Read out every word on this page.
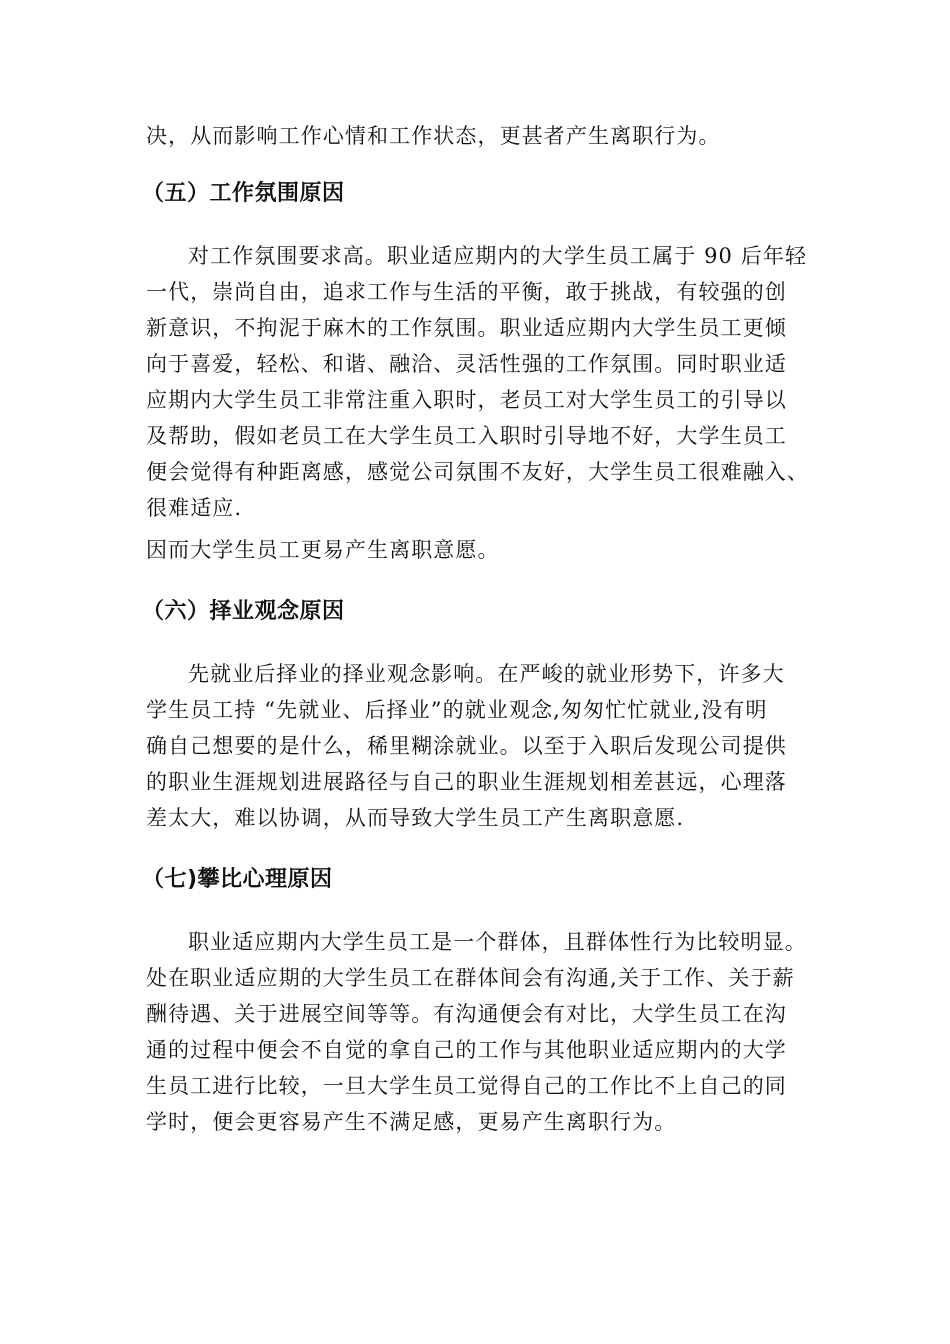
决，从而影响工作心情和工作状态，更甚者产生离职行为。
（五）工作氛围原因
对工作氛围要求高。职业适应期内的大学生员工属于 90 后年轻
一代，崇尚自由，追求工作与生活的平衡，敢于挑战，有较强的创
新意识，不拘泥于麻木的工作氛围。职业适应期内大学生员工更倾
向于喜爱，轻松、和谐、融洽、灵活性强的工作氛围。同时职业适
应期内大学生员工非常注重入职时，老员工对大学生员工的引导以
及帮助，假如老员工在大学生员工入职时引导地不好，大学生员工
便会觉得有种距离感，感觉公司氛围不友好，大学生员工很难融入、
很难适应.
因而大学生员工更易产生离职意愿。
（六）择业观念原因
先就业后择业的择业观念影响。在严峻的就业形势下，许多大
学生员工持 “先就业、后择业”的就业观念,匆匆忙忙就业,没有明
确自己想要的是什么，稀里糊涂就业。以至于入职后发现公司提供
的职业生涯规划进展路径与自己的职业生涯规划相差甚远，心理落
差太大，难以协调，从而导致大学生员工产生离职意愿.
（七)攀比心理原因
职业适应期内大学生员工是一个群体，且群体性行为比较明显。
处在职业适应期的大学生员工在群体间会有沟通,关于工作、关于薪
酬待遇、关于进展空间等等。有沟通便会有对比，大学生员工在沟
通的过程中便会不自觉的拿自己的工作与其他职业适应期内的大学
生员工进行比较，一旦大学生员工觉得自己的工作比不上自己的同
学时，便会更容易产生不满足感，更易产生离职行为。
